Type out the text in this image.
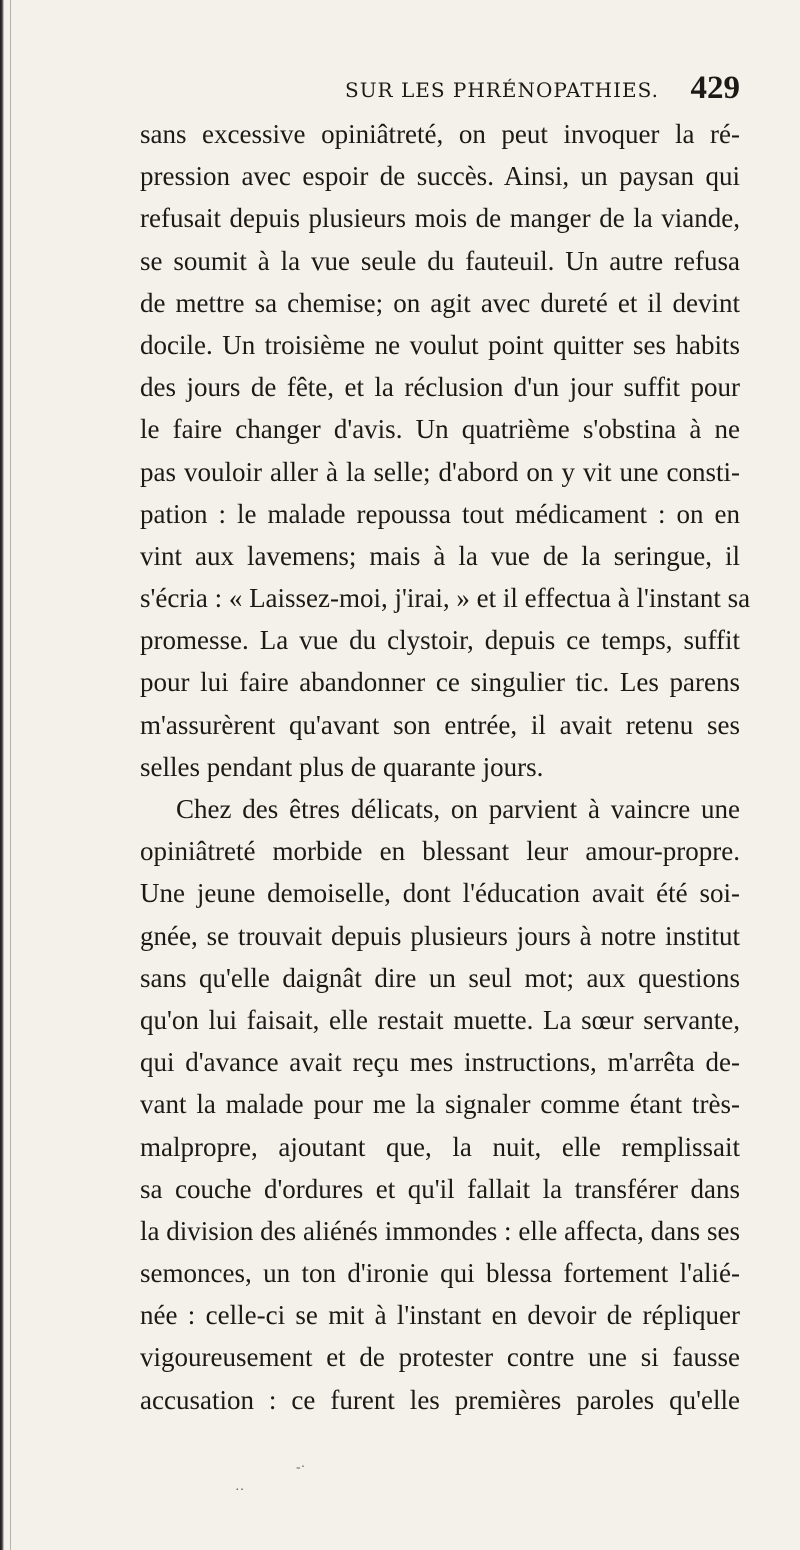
SUR LES PHRÉNOPATHIES. 429
sans excessive opiniâtreté, on peut invoquer la ré-
pression avec espoir de succès. Ainsi, un paysan qui
refusait depuis plusieurs mois de manger de la viande,
se soumit à la vue seule du fauteuil. Un autre refusa
de mettre sa chemise; on agit avec dureté et il devint
docile. Un troisième ne voulut point quitter ses habits
des jours de fête, et la réclusion d'un jour suffit pour
le faire changer d'avis. Un quatrième s'obstina à ne
pas vouloir aller à la selle; d'abord on y vit une consti-
pation : le malade repoussa tout médicament : on en
vint aux lavemens; mais à la vue de la seringue, il
s'écria : « Laissez-moi, j'irai, » et il effectua à l'instant sa
promesse. La vue du clystoir, depuis ce temps, suffit
pour lui faire abandonner ce singulier tic. Les parens
m'assurèrent qu'avant son entrée, il avait retenu ses
selles pendant plus de quarante jours.
Chez des êtres délicats, on parvient à vaincre une
opiniâtreté morbide en blessant leur amour-propre.
Une jeune demoiselle, dont l'éducation avait été soi-
gnée, se trouvait depuis plusieurs jours à notre institut
sans qu'elle daignât dire un seul mot; aux questions
qu'on lui faisait, elle restait muette. La sœur servante,
qui d'avance avait reçu mes instructions, m'arrêta de-
vant la malade pour me la signaler comme étant très-
malpropre, ajoutant que, la nuit, elle remplissait
sa couche d'ordures et qu'il fallait la transférer dans
la division des aliénés immondes : elle affecta, dans ses
semonces, un ton d'ironie qui blessa fortement l'alié-
née : celle-ci se mit à l'instant en devoir de répliquer
vigoureusement et de protester contre une si fausse
accusation : ce furent les premières paroles qu'elle
-·
‥
